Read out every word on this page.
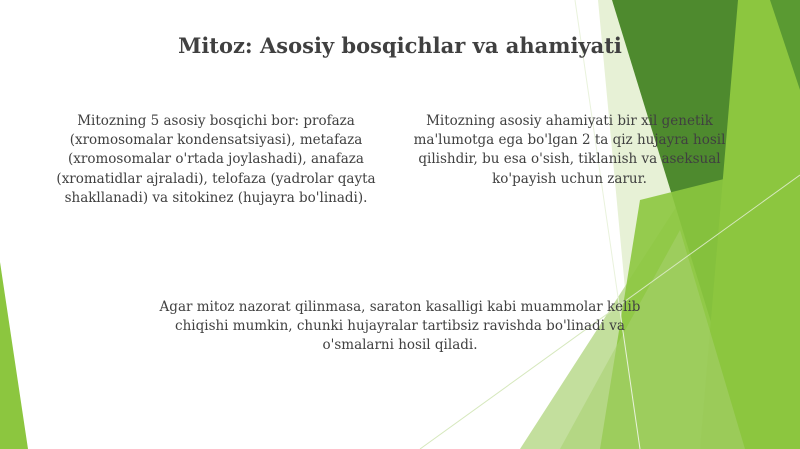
Mitoz: Asosiy bosqichlar va ahamiyati
Mitozning 5 asosiy bosqichi bor: profaza (xromosomalar kondensatsiyasi), metafaza (xromosomalar o'rtada joylashadi), anafaza (xromatidlar ajraladi), telofaza (yadrolar qayta shakllanadi) va sitokinez (hujayra bo'linadi).
Mitozning asosiy ahamiyati bir xil genetik ma'lumotga ega bo'lgan 2 ta qiz hujayra hosil qilishdir, bu esa o'sish, tiklanish va aseksual ko'payish uchun zarur.
Agar mitoz nazorat qilinmasa, saraton kasalligi kabi muammolar kelib chiqishi mumkin, chunki hujayralar tartibsiz ravishda bo'linadi va o'smalarni hosil qiladi.
